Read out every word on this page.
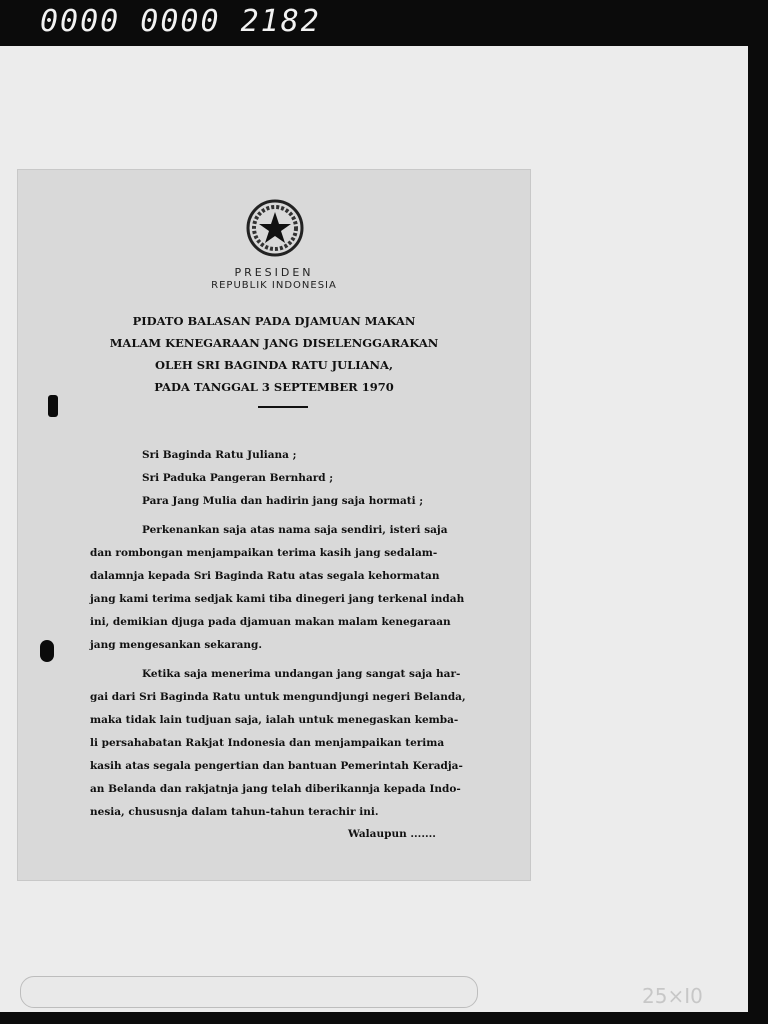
0000 0000 2182
PRESIDEN
REPUBLIK INDONESIA
PIDATO BALASAN PADA DJAMUAN MAKAN
MALAM KENEGARAAN JANG DISELENGGARAKAN
OLEH SRI BAGINDA RATU JULIANA,
PADA TANGGAL 3 SEPTEMBER 1970
Sri Baginda Ratu Juliana ;
Sri Paduka Pangeran Bernhard ;
Para Jang Mulia dan hadirin jang saja hormati ;
Perkenankan saja atas nama saja sendiri, isteri saja
dan rombongan menjampaikan terima kasih jang sedalam-
dalamnja kepada Sri Baginda Ratu atas segala kehormatan
jang kami terima sedjak kami tiba dinegeri jang terkenal indah
ini, demikian djuga pada djamuan makan malam kenegaraan
jang mengesankan sekarang.
Ketika saja menerima undangan jang sangat saja har-
gai dari Sri Baginda Ratu untuk mengundjungi negeri Belanda,
maka tidak lain tudjuan saja, ialah untuk menegaskan kemba-
li persahabatan Rakjat Indonesia dan menjampaikan terima
kasih atas segala pengertian dan bantuan Pemerintah Keradja-
an Belanda dan rakjatnja jang telah diberikannja kepada Indo-
nesia, chususnja dalam tahun-tahun terachir ini.
Walaupun .......
25×I0
